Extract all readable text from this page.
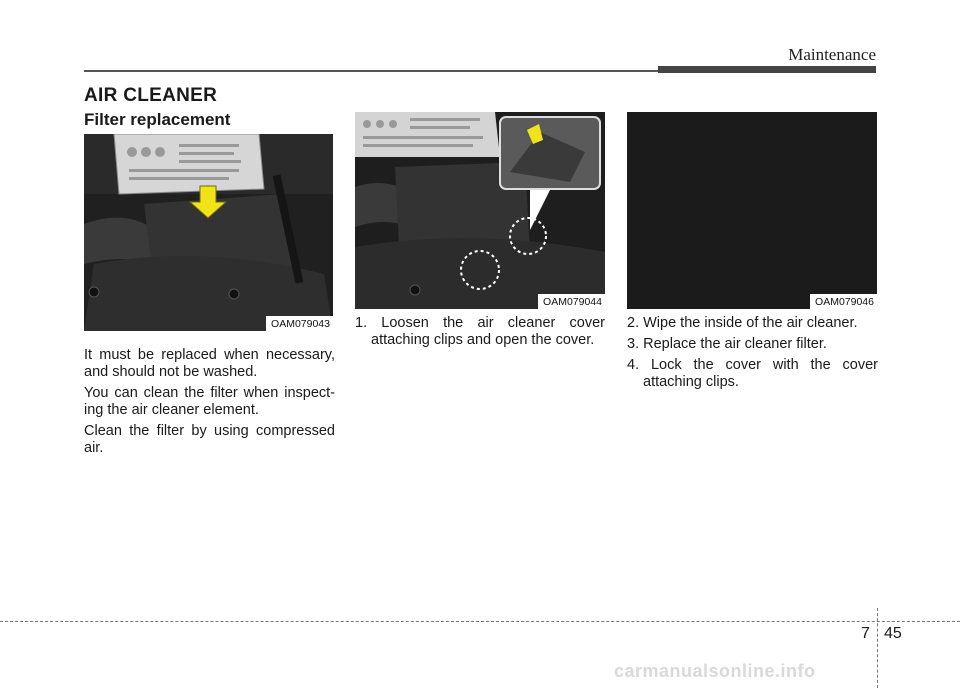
Maintenance
AIR CLEANER
Filter replacement
OAM079043
OAM079044	OAM079046

It must be replaced when necessary, and should not be washed.

You can clean the filter when inspect-ing the air cleaner element.

Clean the filter by using compressed air.

1. Loosen the air cleaner cover attaching clips and open the cover.

2. Wipe the inside of the air cleaner.

3. Replace the air cleaner filter.

4. Lock the cover with the cover attaching clips.

7 45
carmanualsonline.info
